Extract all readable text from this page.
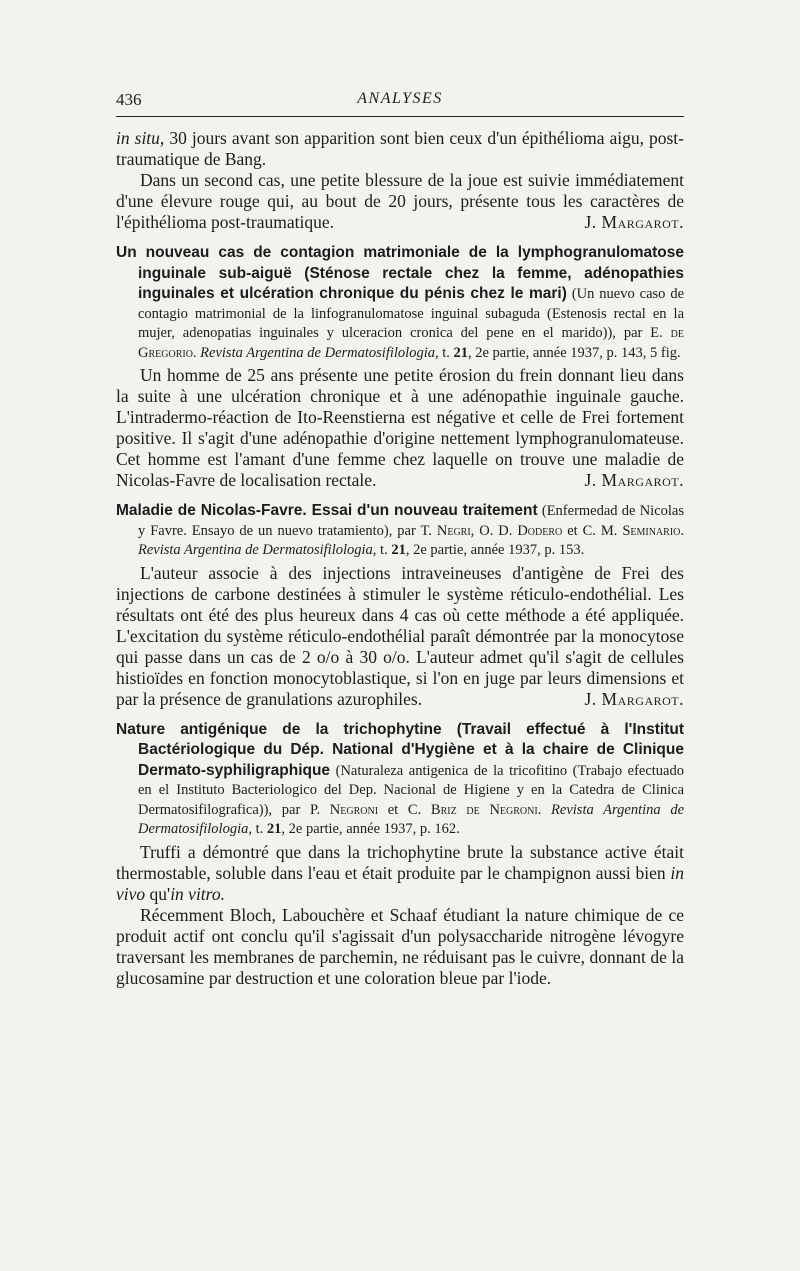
436	ANALYSES

in situ, 30 jours avant son apparition sont bien ceux d'un épithélioma aigu, post-traumatique de Bang.

Dans un second cas, une petite blessure de la joue est suivie immédiatement d'une élevure rouge qui, au bout de 20 jours, présente tous les caractères de l'épithélioma post-traumatique.	J. Margarot.

Un nouveau cas de contagion matrimoniale de la lymphogranulomatose inguinale sub-aiguë (Sténose rectale chez la femme, adénopathies inguinales et ulcération chronique du pénis chez le mari) (Un nuevo caso de contagio matrimonial de la linfogranulomatose inguinal subaguda (Estenosis rectal en la mujer, adenopatias inguinales y ulceracion cronica del pene en el marido)), par E. de Gregorio. Revista Argentina de Dermatosifilologia, t. 21, 2e partie, année 1937, p. 143, 5 fig.

Un homme de 25 ans présente une petite érosion du frein donnant lieu dans la suite à une ulcération chronique et à une adénopathie inguinale gauche. L'intradermo-réaction de Ito-Reenstierna est négative et celle de Frei fortement positive. Il s'agit d'une adénopathie d'origine nettement lymphogranulomateuse. Cet homme est l'amant d'une femme chez laquelle on trouve une maladie de Nicolas-Favre de localisation rectale.	J. Margarot.

Maladie de Nicolas-Favre. Essai d'un nouveau traitement (Enfermedad de Nicolas y Favre. Ensayo de un nuevo tratamiento), par T. Negri, O. D. Dodero et C. M. Seminario. Revista Argentina de Dermatosifilologia, t. 21, 2e partie, année 1937, p. 153.

L'auteur associe à des injections intraveineuses d'antigène de Frei des injections de carbone destinées à stimuler le système réticulo-endothélial. Les résultats ont été des plus heureux dans 4 cas où cette méthode a été appliquée. L'excitation du système réticulo-endothélial paraît démontrée par la monocytose qui passe dans un cas de 2 o/o à 30 o/o. L'auteur admet qu'il s'agit de cellules histioïdes en fonction monocytoblastique, si l'on en juge par leurs dimensions et par la présence de granulations azurophiles.	J. Margarot.

Nature antigénique de la trichophytine (Travail effectué à l'Institut Bactériologique du Dép. National d'Hygiène et à la chaire de Clinique Dermato-syphiligraphique (Naturaleza antigenica de la tricofitino (Trabajo efectuado en el Instituto Bacteriologico del Dep. Nacional de Higiene y en la Catedra de Clinica Dermatosifilografica)), par P. Negroni et C. Briz de Negroni. Revista Argentina de Dermatosifilologia, t. 21, 2e partie, année 1937, p. 162.

Truffi a démontré que dans la trichophytine brute la substance active était thermostable, soluble dans l'eau et était produite par le champignon aussi bien in vivo qu'in vitro.

Récemment Bloch, Labouchère et Schaaf étudiant la nature chimique de ce produit actif ont conclu qu'il s'agissait d'un polysaccharide nitrogène lévogyre traversant les membranes de parchemin, ne réduisant pas le cuivre, donnant de la glucosamine par destruction et une coloration bleue par l'iode.
